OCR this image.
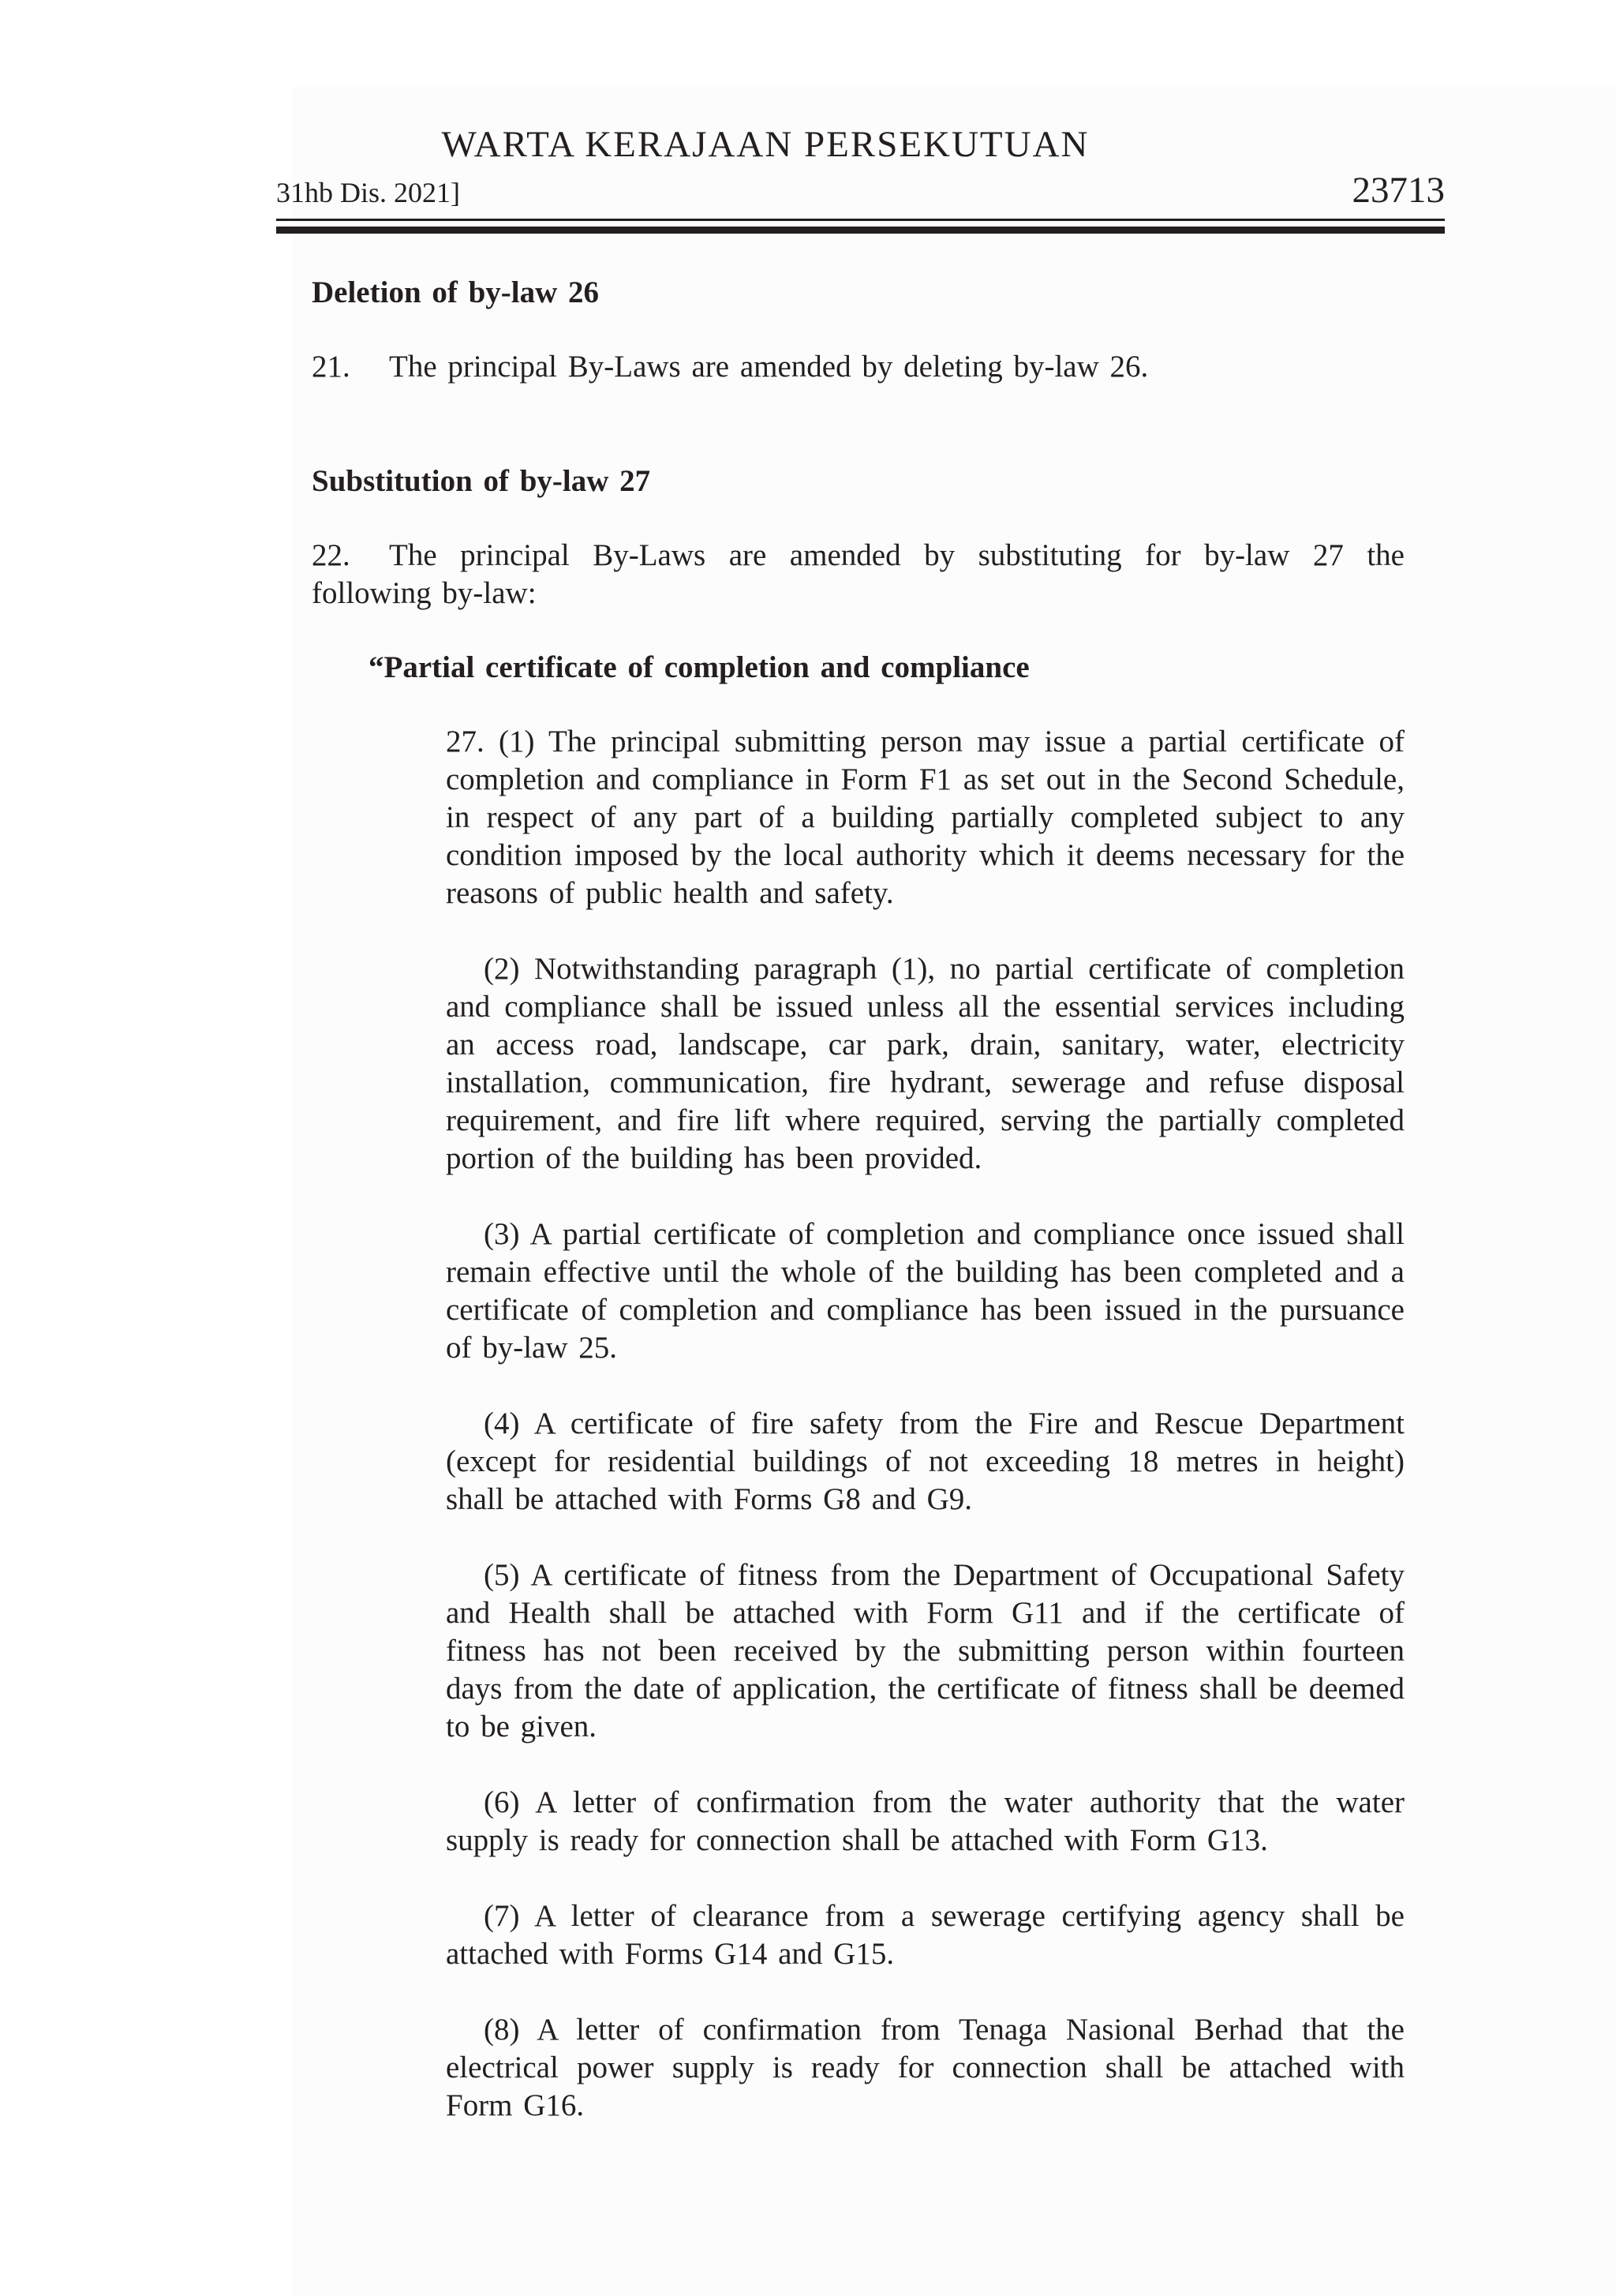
WARTA KERAJAAN PERSEKUTUAN
31hb Dis. 2021]	23713

Deletion of by-law 26

21. The principal By-Laws are amended by deleting by-law 26.

Substitution of by-law 27

22. The principal By-Laws are amended by substituting for by-law 27 the following by-law:

“Partial certificate of completion and compliance

27. (1) The principal submitting person may issue a partial certificate of completion and compliance in Form F1 as set out in the Second Schedule, in respect of any part of a building partially completed subject to any condition imposed by the local authority which it deems necessary for the reasons of public health and safety.

(2) Notwithstanding paragraph (1), no partial certificate of completion and compliance shall be issued unless all the essential services including an access road, landscape, car park, drain, sanitary, water, electricity installation, communication, fire hydrant, sewerage and refuse disposal requirement, and fire lift where required, serving the partially completed portion of the building has been provided.

(3) A partial certificate of completion and compliance once issued shall remain effective until the whole of the building has been completed and a certificate of completion and compliance has been issued in the pursuance of by-law 25.

(4) A certificate of fire safety from the Fire and Rescue Department (except for residential buildings of not exceeding 18 metres in height) shall be attached with Forms G8 and G9.

(5) A certificate of fitness from the Department of Occupational Safety and Health shall be attached with Form G11 and if the certificate of fitness has not been received by the submitting person within fourteen days from the date of application, the certificate of fitness shall be deemed to be given.

(6) A letter of confirmation from the water authority that the water supply is ready for connection shall be attached with Form G13.

(7) A letter of clearance from a sewerage certifying agency shall be attached with Forms G14 and G15.

(8) A letter of confirmation from Tenaga Nasional Berhad that the electrical power supply is ready for connection shall be attached with Form G16.
